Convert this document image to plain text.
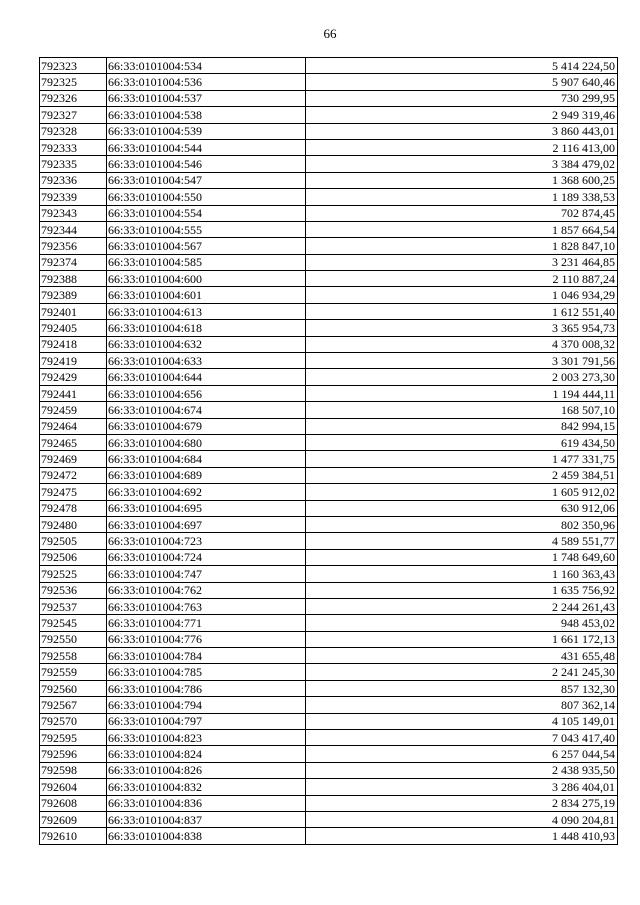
66
792323	66:33:0101004:534	5 414 224,50
792325	66:33:0101004:536	5 907 640,46
792326	66:33:0101004:537	730 299,95
792327	66:33:0101004:538	2 949 319,46
792328	66:33:0101004:539	3 860 443,01
792333	66:33:0101004:544	2 116 413,00
792335	66:33:0101004:546	3 384 479,02
792336	66:33:0101004:547	1 368 600,25
792339	66:33:0101004:550	1 189 338,53
792343	66:33:0101004:554	702 874,45
792344	66:33:0101004:555	1 857 664,54
792356	66:33:0101004:567	1 828 847,10
792374	66:33:0101004:585	3 231 464,85
792388	66:33:0101004:600	2 110 887,24
792389	66:33:0101004:601	1 046 934,29
792401	66:33:0101004:613	1 612 551,40
792405	66:33:0101004:618	3 365 954,73
792418	66:33:0101004:632	4 370 008,32
792419	66:33:0101004:633	3 301 791,56
792429	66:33:0101004:644	2 003 273,30
792441	66:33:0101004:656	1 194 444,11
792459	66:33:0101004:674	168 507,10
792464	66:33:0101004:679	842 994,15
792465	66:33:0101004:680	619 434,50
792469	66:33:0101004:684	1 477 331,75
792472	66:33:0101004:689	2 459 384,51
792475	66:33:0101004:692	1 605 912,02
792478	66:33:0101004:695	630 912,06
792480	66:33:0101004:697	802 350,96
792505	66:33:0101004:723	4 589 551,77
792506	66:33:0101004:724	1 748 649,60
792525	66:33:0101004:747	1 160 363,43
792536	66:33:0101004:762	1 635 756,92
792537	66:33:0101004:763	2 244 261,43
792545	66:33:0101004:771	948 453,02
792550	66:33:0101004:776	1 661 172,13
792558	66:33:0101004:784	431 655,48
792559	66:33:0101004:785	2 241 245,30
792560	66:33:0101004:786	857 132,30
792567	66:33:0101004:794	807 362,14
792570	66:33:0101004:797	4 105 149,01
792595	66:33:0101004:823	7 043 417,40
792596	66:33:0101004:824	6 257 044,54
792598	66:33:0101004:826	2 438 935,50
792604	66:33:0101004:832	3 286 404,01
792608	66:33:0101004:836	2 834 275,19
792609	66:33:0101004:837	4 090 204,81
792610	66:33:0101004:838	1 448 410,93
